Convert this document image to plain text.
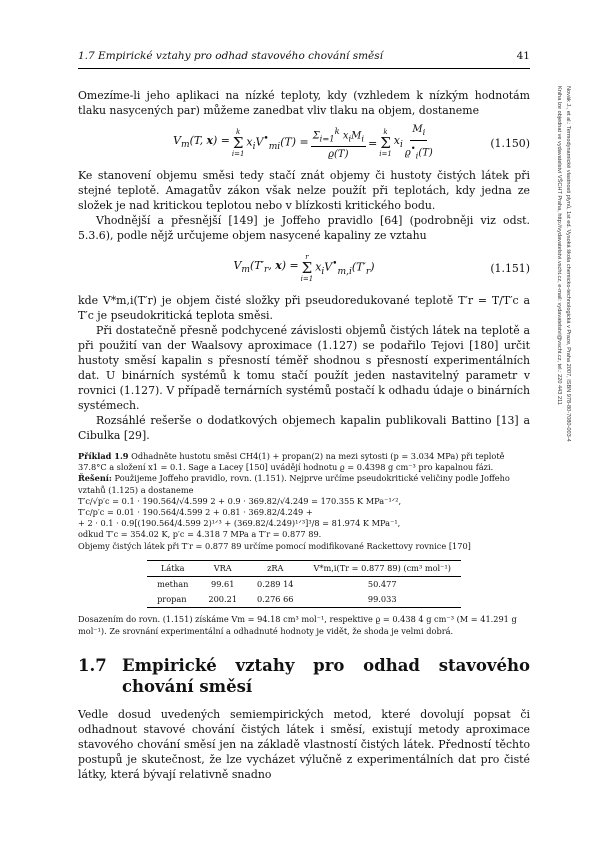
1.7 Empirické vztahy pro odhad stavového chování směsí	41
Novák J., et al.: Termodynamické vlastnosti plynů, 1st ed. Vysoká škola chemicko-technologická v Praze, Praha 2007, ISBN 978-80-7080-003-4
Kniha lze objednat ve vydavatelství VŠCHT Praha, http://vydavatelstvi.vscht.cz, e-mail: vydavatelstvi@vscht.cz, tel.: 220 443 211

Omezíme-li jeho aplikaci na nízké teploty, kdy (vzhledem k nízkým hodnotám tlaku nasycených par) můžeme zanedbat vliv tlaku na objem, dostaneme

$V_m(T$, x) =
k
Σ
i=1
$x_iV^•_{mi}(T) = \frac{\Sigma_{i=1}^k x_iM_i}{ϱ(T)}$ =
k
Σ
i=1
$x_i \frac{M_i}{ϱ^•_i(T)}$	(1.150)

Ke stanovení objemu směsi tedy stačí znát objemy či hustoty čistých látek při stejné teplotě. Amagatův zákon však nelze použít při teplotách, kdy jedna ze složek je nad kritickou teplotou nebo v blízkosti kritického bodu.

Vhodnější a přesnější [149] je Joffeho pravidlo [64] (podrobněji viz odst. 5.3.6), podle nějž určujeme objem nasycené kapaliny ze vztahu

$V_m(T'_r$, x) =
r
Σ
i=1
$x_iV^•_{m,i}(T'_r)$	(1.151)

kde V*m,i(T′r) je objem čisté složky při pseudoredukované teplotě T′r = T/T′c a T′c je pseudokritická teplota směsi.

Při dostatečně přesně podchycené závislosti objemů čistých látek na teplotě a při použití van der Waalsovy aproximace (1.127) se podařilo Tejovi [180] určit hustoty směsí kapalin s přesností téměř shodnou s přesností experimentálních dat. U binárních systémů k tomu stačí použít jeden nastavitelný parametr v rovnici (1.127). V případě ternárních systémů postačí k odhadu údaje o binárních systémech.

Rozsáhlé rešerše o dodatkových objemech kapalin publikovali Battino [13] a Cibulka [29].

Příklad 1.9 Odhadněte hustotu směsi CH4(1) + propan(2) na mezi sytosti (p = 3.034 MPa) při teplotě 37.8°C a složení x1 = 0.1. Sage a Lacey [150] uvádějí hodnotu ϱ = 0.4398 g cm⁻³ pro kapalnou fázi.
Řešení: Použijeme Joffeho pravidlo, rovn. (1.151). Nejprve určíme pseudokritické veličiny podle Joffeho vztahů (1.125) a dostaneme
T′c/√p′c = 0.1 · 190.564/√4.599 2 + 0.9 · 369.82/√4.249 = 170.355 K MPa⁻¹ᐟ²,
T′c/p′c = 0.01 · 190.564/4.599 2 + 0.81 · 369.82/4.249 +
+ 2 · 0.1 · 0.9[(190.564/4.599 2)¹ᐟ³ + (369.82/4.249)¹ᐟ³]³/8 = 81.974 K MPa⁻¹,
odkud T′c = 354.02 K, p′c = 4.318 7 MPa a T′r = 0.877 89.
Objemy čistých látek při T′r = 0.877 89 určíme pomocí modifikované Rackettovy rovnice [170]
Látka	VRA	zRA	V*m,i(Tr = 0.877 89) (cm³ mol⁻¹)
methan	99.61	0.289 14	50.477
propan	200.21	0.276 66	99.033
Dosazením do rovn. (1.151) získáme Vm = 94.18 cm³ mol⁻¹, respektive ϱ = 0.438 4 g cm⁻³ (M = 41.291 g mol⁻¹). Ze srovnání experimentální a odhadnuté hodnoty je vidět, že shoda je velmi dobrá.
1.7 Empirické vztahy pro odhad stavového chování směsí

Vedle dosud uvedených semiempirických metod, které dovolují popsat či odhadnout stavové chování čistých látek i směsí, existují metody aproximace stavového chování směsí jen na základě vlastností čistých látek. Předností těchto postupů je skutečnost, že lze vycházet výlučně z experimentálních dat pro čisté látky, která bývají relativně snadno
